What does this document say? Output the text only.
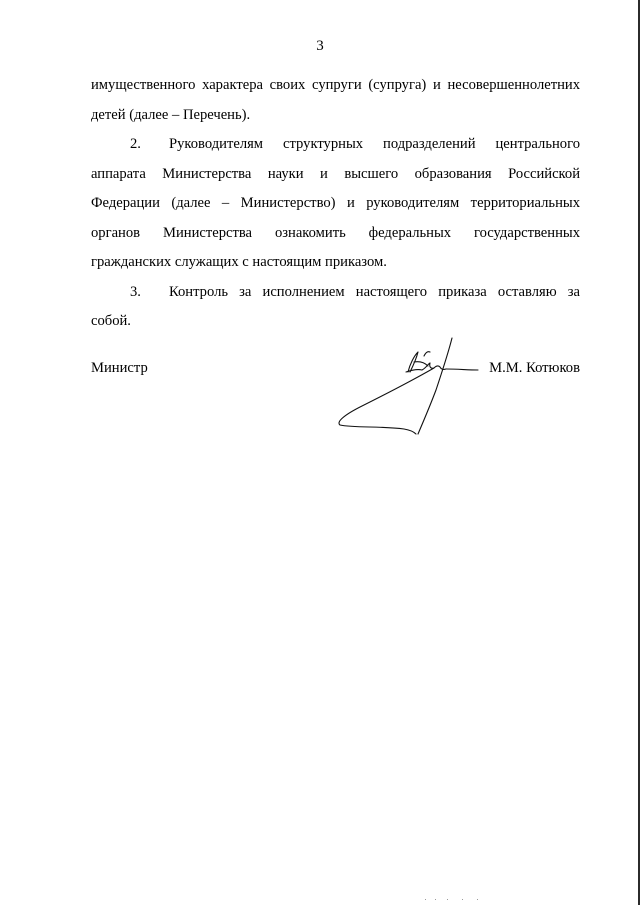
3

имущественного характера своих супруги (супруга) и несовершеннолетних
детей (далее – Перечень).

2. Руководителям структурных подразделений центрального
аппарата Министерства науки и высшего образования Российской
Федерации (далее – Министерство) и руководителям территориальных
органов Министерства ознакомить федеральных государственных
гражданских служащих с настоящим приказом.

3. Контроль за исполнением настоящего приказа оставляю за
собой.

Министр	М.М. Котюков
